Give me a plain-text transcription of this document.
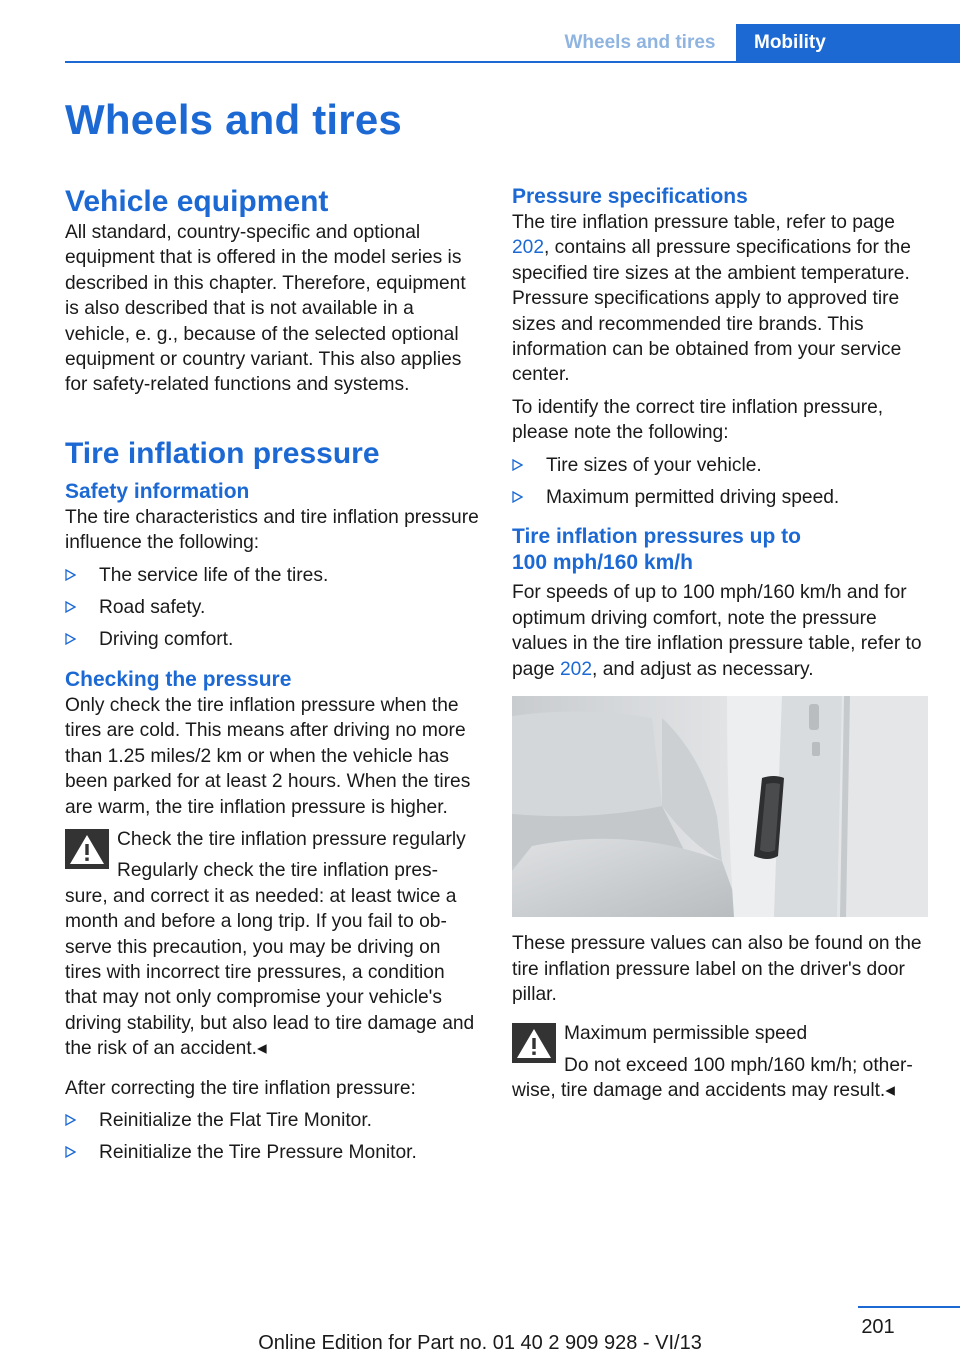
Wheels and tires	Mobility
Wheels and tires
Vehicle equipment

All standard, country-specific and optional equipment that is offered in the model series is described in this chapter. Therefore, equipment is also described that is not available in a vehicle, e. g., because of the selected optional equipment or country variant. This also applies for safety-related functions and systems.

Tire inflation pressure
Safety information

The tire characteristics and tire inflation pressure influence the following:

The service life of the tires.
Road safety.
Driving comfort.
Checking the pressure

Only check the tire inflation pressure when the tires are cold. This means after driving no more than 1.25 miles/2 km or when the vehicle has been parked for at least 2 hours. When the tires are warm, the tire inflation pressure is higher.

Check the tire inflation pressure regularly

Regularly check the tire inflation pres-

sure, and correct it as needed: at least twice a month and before a long trip. If you fail to observe this precaution, you may be driving on tires with incorrect tire pressures, a condition that may not only compromise your vehicle's driving stability, but also lead to tire damage and the risk of an accident.◂

After correcting the tire inflation pressure:

Reinitialize the Flat Tire Monitor.
Reinitialize the Tire Pressure Monitor.
Pressure specifications

The tire inflation pressure table, refer to page 202, contains all pressure specifications for the specified tire sizes at the ambient temperature. Pressure specifications apply to approved tire sizes and recommended tire brands. This information can be obtained from your service center.

To identify the correct tire inflation pressure, please note the following:

Tire sizes of your vehicle.
Maximum permitted driving speed.
Tire inflation pressures up to
100 mph/160 km/h

For speeds of up to 100 mph/160 km/h and for optimum driving comfort, note the pressure values in the tire inflation pressure table, refer to page 202, and adjust as necessary.

These pressure values can also be found on the tire inflation pressure label on the driver's door pillar.

Maximum permissible speed

Do not exceed 100 mph/160 km/h; other-

wise, tire damage and accidents may result.◂

201
Online Edition for Part no. 01 40 2 909 928 - VI/13
